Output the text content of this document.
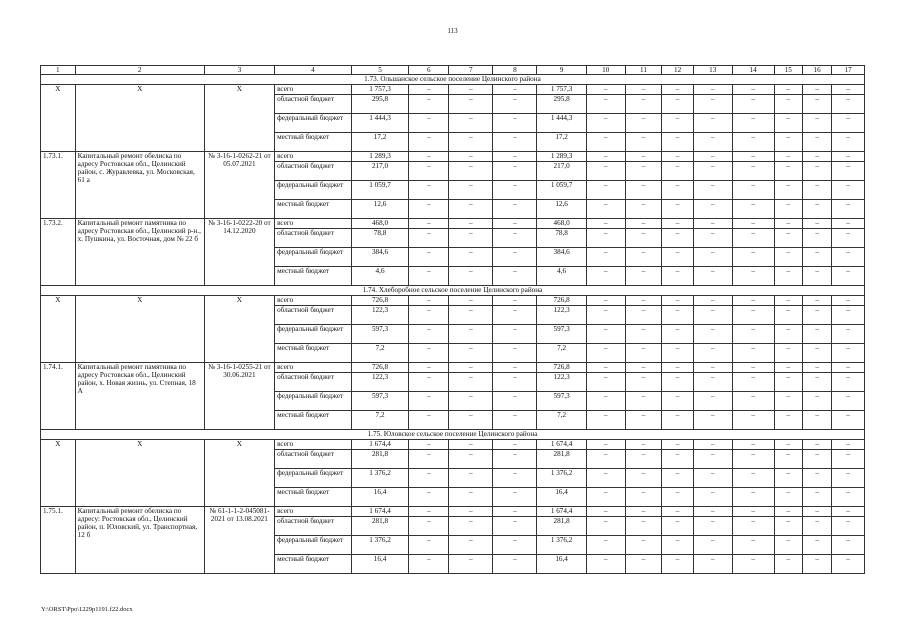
113
1	2	3	4	5	6	7	8	9	10	11	12	13	14	15	16	17
1.73. Ольшанское сельское поселение Целинского района																
X	X	X	всего	1 757,3	–	–	–	1 757,3	–	–	–	–	–	–	–	–
			областной бюджет	295,8	–	–	–	295,8	–	–	–	–	–	–	–	–
			федеральный бюджет	1 444,3	–	–	–	1 444,3	–	–	–	–	–	–	–	–
			местный бюджет	17,2	–	–	–	17,2	–	–	–	–	–	–	–	–
1.73.1.	Капитальный ремонт обелиска по адресу Ростовская обл., Целинский район, с. Журавлевка, ул. Московская, 61 а	№ 3-16-1-0262-21 от 05.07.2021	всего	1 289,3	–	–	–	1 289,3	–	–	–	–	–	–	–	–
			областной бюджет	217,0	–	–	–	217,0	–	–	–	–	–	–	–	–
			федеральный бюджет	1 059,7	–	–	–	1 059,7	–	–	–	–	–	–	–	–
			местный бюджет	12,6	–	–	–	12,6	–	–	–	–	–	–	–	–
1.73.2.	Капитальный ремонт памятника по адресу Ростовская обл., Целинский р-н., х. Пушкина, ул. Восточная, дом № 22 б	№ 3-16-1-0222-20 от 14.12.2020	всего	468,0	–	–	–	468,0	–	–	–	–	–	–	–	–
			областной бюджет	78,8	–	–	–	78,8	–	–	–	–	–	–	–	–
			федеральный бюджет	384,6	–	–	–	384,6	–	–	–	–	–	–	–	–
			местный бюджет	4,6	–	–	–	4,6	–	–	–	–	–	–	–	–
1.74. Хлеборобное сельское поселение Целинского района																
X	X	X	всего	726,8	–	–	–	726,8	–	–	–	–	–	–	–	–
			областной бюджет	122,3	–	–	–	122,3	–	–	–	–	–	–	–	–
			федеральный бюджет	597,3	–	–	–	597,3	–	–	–	–	–	–	–	–
			местный бюджет	7,2	–	–	–	7,2	–	–	–	–	–	–	–	–
1.74.1.	Капитальный ремонт памятника по адресу Ростовская обл., Целинский район, х. Новая жизнь, ул. Степная, 18 А	№ 3-16-1-0255-21 от 30.06.2021	всего	726,8	–	–	–	726,8	–	–	–	–	–	–	–	–
			областной бюджет	122,3	–	–	–	122,3	–	–	–	–	–	–	–	–
			федеральный бюджет	597,3	–	–	–	597,3	–	–	–	–	–	–	–	–
			местный бюджет	7,2	–	–	–	7,2	–	–	–	–	–	–	–	–
1.75. Юловское сельское поселение Целинского района																
X	X	X	всего	1 674,4	–	–	–	1 674,4	–	–	–	–	–	–	–	–
			областной бюджет	281,8	–	–	–	281,8	–	–	–	–	–	–	–	–
			федеральный бюджет	1 376,2	–	–	–	1 376,2	–	–	–	–	–	–	–	–
			местный бюджет	16,4	–	–	–	16,4	–	–	–	–	–	–	–	–
1.75.1.	Капитальный ремонт обелиска по адресу: Ростовская обл., Целинский район, п. Юловский, ул. Транспортная, 12 б	№ 61-1-1-2-045081-2021 от 13.08.2021	всего	1 674,4	–	–	–	1 674,4	–	–	–	–	–	–	–	–
			областной бюджет	281,8	–	–	–	281,8	–	–	–	–	–	–	–	–
			федеральный бюджет	1 376,2	–	–	–	1 376,2	–	–	–	–	–	–	–	–
			местный бюджет	16,4	–	–	–	16,4	–	–	–	–	–	–	–	–
Y:\ORST\Ppo\1229p1191.f22.docx
